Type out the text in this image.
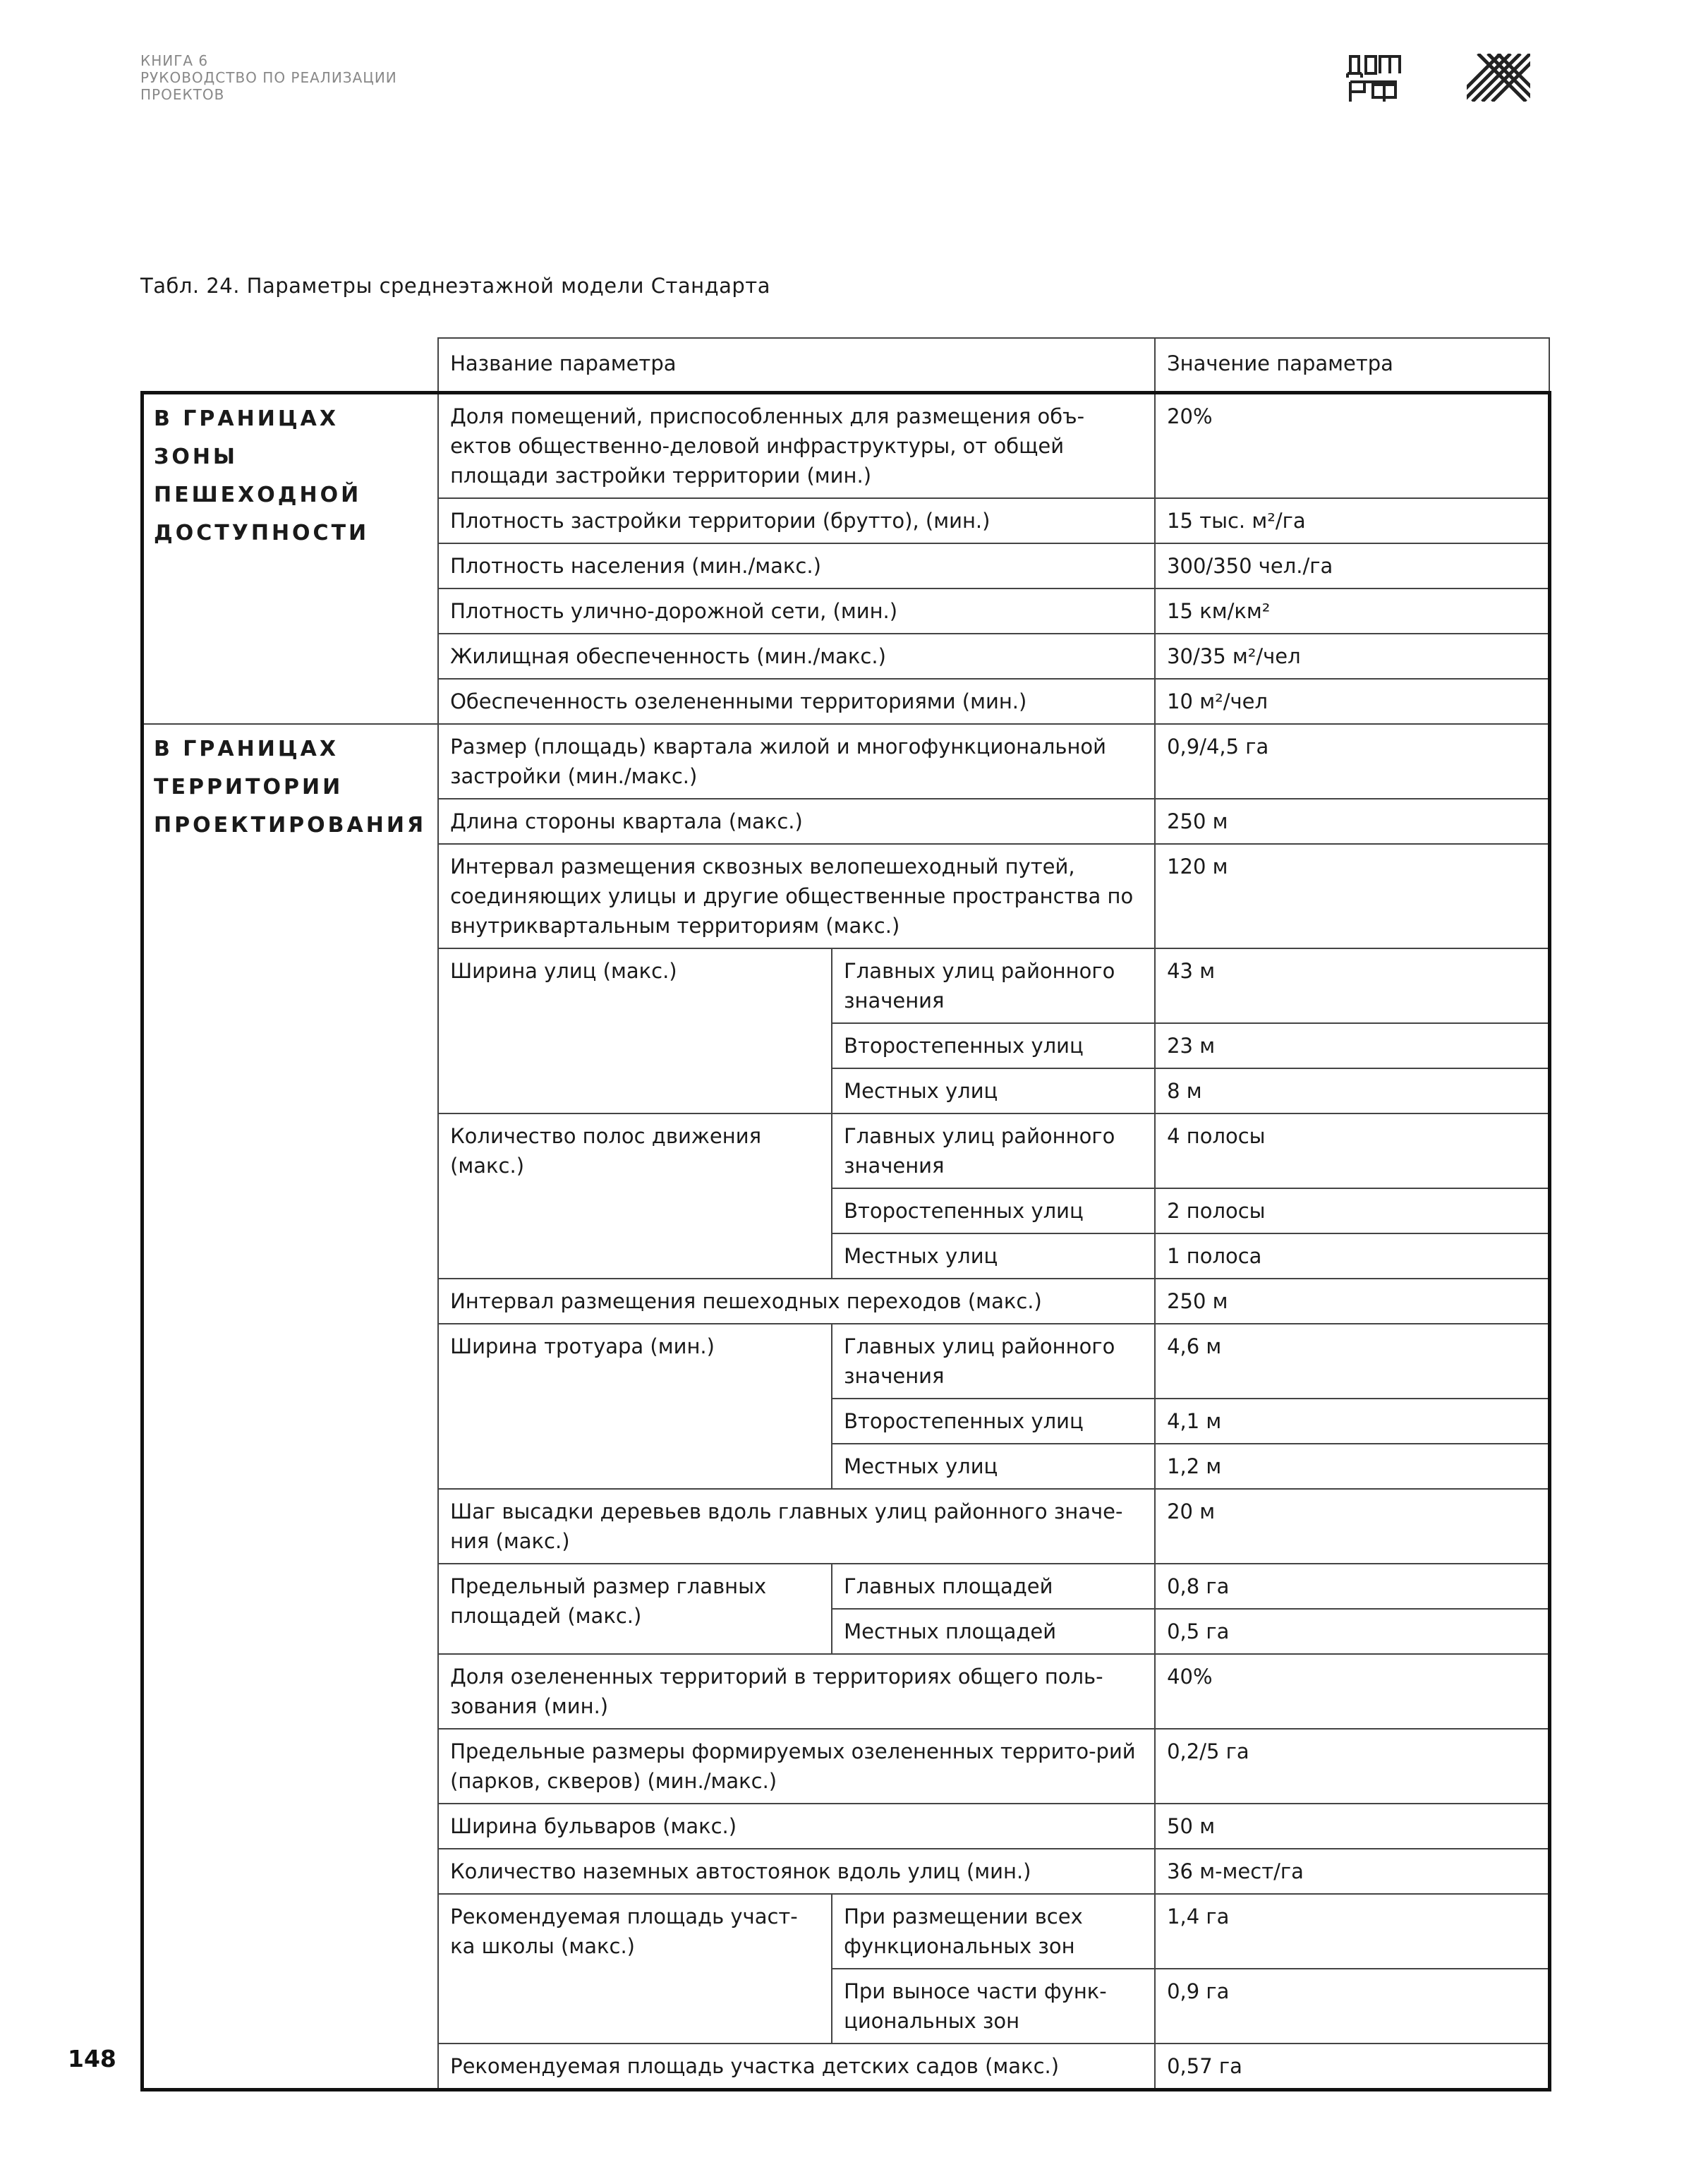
КНИГА 6
РУКОВОДСТВО ПО РЕАЛИЗАЦИИ
ПРОЕКТОВ
Табл. 24. Параметры среднеэтажной модели Стандарта
	Название параметра		Значение параметра
В ГРАНИЦАХ ЗОНЫ ПЕШЕХОДНОЙ ДОСТУПНОСТИ	Доля помещений, приспособленных для размещения объ-ектов общественно-деловой инфраструктуры, от общей площади застройки территории (мин.)		20%
	Плотность застройки территории (брутто), (мин.)		15 тыс. м²/га
	Плотность населения (мин./макс.)		300/350 чел./га
	Плотность улично-дорожной сети, (мин.)		15 км/км²
	Жилищная обеспеченность (мин./макс.)		30/35 м²/чел
	Обеспеченность озелененными территориями (мин.)		10 м²/чел
В ГРАНИЦАХ ТЕРРИТОРИИ ПРОЕКТИРОВАНИЯ	Размер (площадь) квартала жилой и многофункциональной застройки (мин./макс.)		0,9/4,5 га
	Длина стороны квартала (макс.)		250 м
	Интервал размещения сквозных велопешеходный путей, соединяющих улицы и другие общественные пространства по внутриквартальным территориям (макс.)		120 м
	Ширина улиц (макс.)	Главных улиц районного значения	43 м
		Второстепенных улиц	23 м
		Местных улиц	8 м
	Количество полос движения (макс.)	Главных улиц районного значения	4 полосы
		Второстепенных улиц	2 полосы
		Местных улиц	1 полоса
	Интервал размещения пешеходных переходов (макс.)		250 м
	Ширина тротуара (мин.)	Главных улиц районного значения	4,6 м
		Второстепенных улиц	4,1 м
		Местных улиц	1,2 м
	Шаг высадки деревьев вдоль главных улиц районного значе-ния (макс.)		20 м
	Предельный размер главных площадей (макс.)	Главных площадей	0,8 га
		Местных площадей	0,5 га
	Доля озелененных территорий в территориях общего поль-зования (мин.)		40%
	Предельные размеры формируемых озелененных террито-рий (парков, скверов) (мин./макс.)		0,2/5 га
	Ширина бульваров (макс.)		50 м
	Количество наземных автостоянок вдоль улиц (мин.)		36 м-мест/га
	Рекомендуемая площадь участ-ка школы (макс.)	При размещении всех функциональных зон	1,4 га
		При выносе части функ-циональных зон	0,9 га
	Рекомендуемая площадь участка детских садов (макс.)		0,57 га
148
